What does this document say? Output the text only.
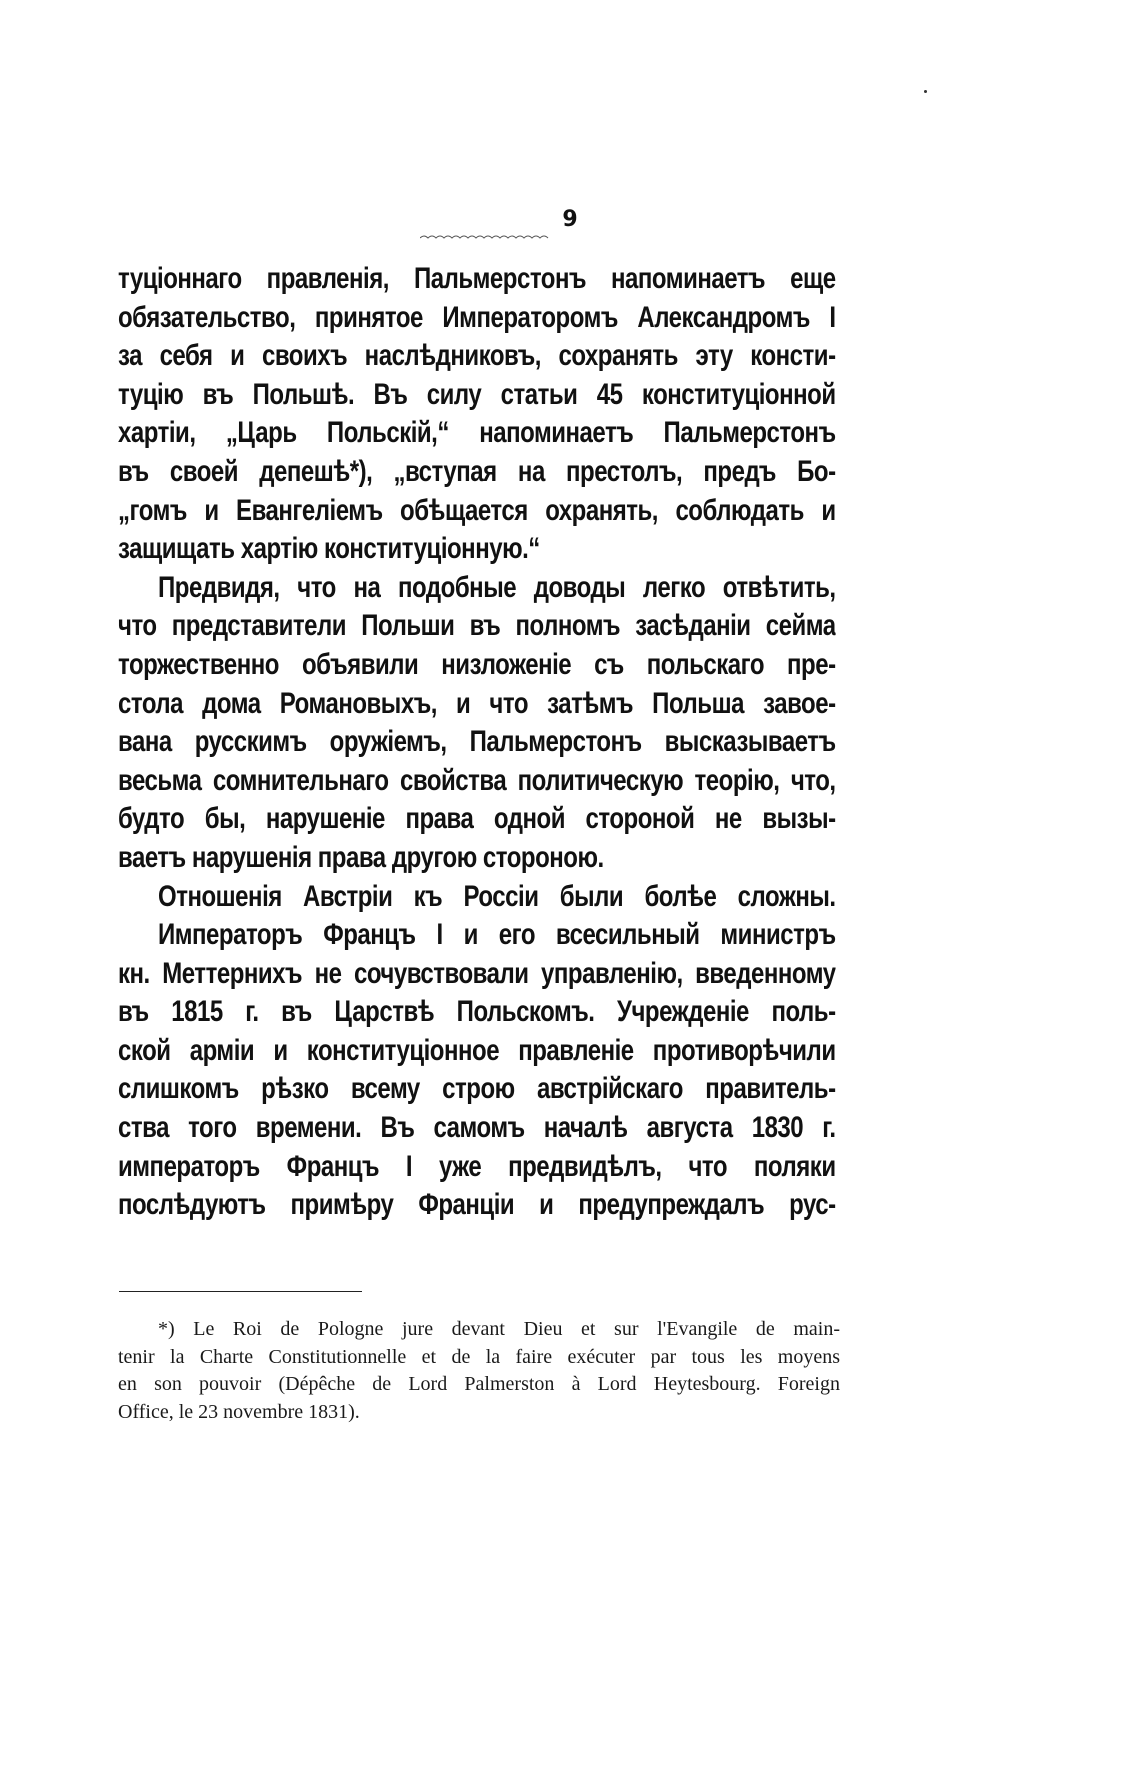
9
туціоннаго правленія, Пальмерстонъ напоминаетъ еще
обязательство, принятое Императоромъ Александромъ I
за себя и своихъ наслѣдниковъ, сохранять эту консти-
туцію въ Польшѣ. Въ силу статьи 45 конституціонной
хартіи, „Царь Польскій,“ напоминаетъ Пальмерстонъ
въ своей депешѣ*), „вступая на престолъ, предъ Бо-
„гомъ и Евангеліемъ обѣщается охранять, соблюдать и
защищать хартію конституціонную.“
Предвидя, что на подобные доводы легко отвѣтить,
что представители Польши въ полномъ засѣданіи сейма
торжественно объявили низложеніе съ польскаго пре-
стола дома Романовыхъ, и что затѣмъ Польша завое-
вана русскимъ оружіемъ, Пальмерстонъ высказываетъ
весьма сомнительнаго свойства политическую теорію, что,
будто бы, нарушеніе права одной стороной не вызы-
ваетъ нарушенія права другою стороною.
Отношенія Австріи къ Россіи были болѣе сложны.
Императоръ Францъ I и его всесильный министръ
кн. Меттернихъ не сочувствовали управленію, введенному
въ 1815 г. въ Царствѣ Польскомъ. Учрежденіе поль-
ской арміи и конституціонное правленіе противорѣчили
слишкомъ рѣзко всему строю австрійскаго правитель-
ства того времени. Въ самомъ началѣ августа 1830 г.
императоръ Францъ I уже предвидѣлъ, что поляки
послѣдуютъ примѣру Франціи и предупреждалъ рус-
*) Le Roi de Pologne jure devant Dieu et sur l'Evangile de main-
tenir la Charte Constitutionnelle et de la faire exécuter par tous les moyens
en son pouvoir (Dépêche de Lord Palmerston à Lord Heytesbourg. Foreign
Office, le 23 novembre 1831).
